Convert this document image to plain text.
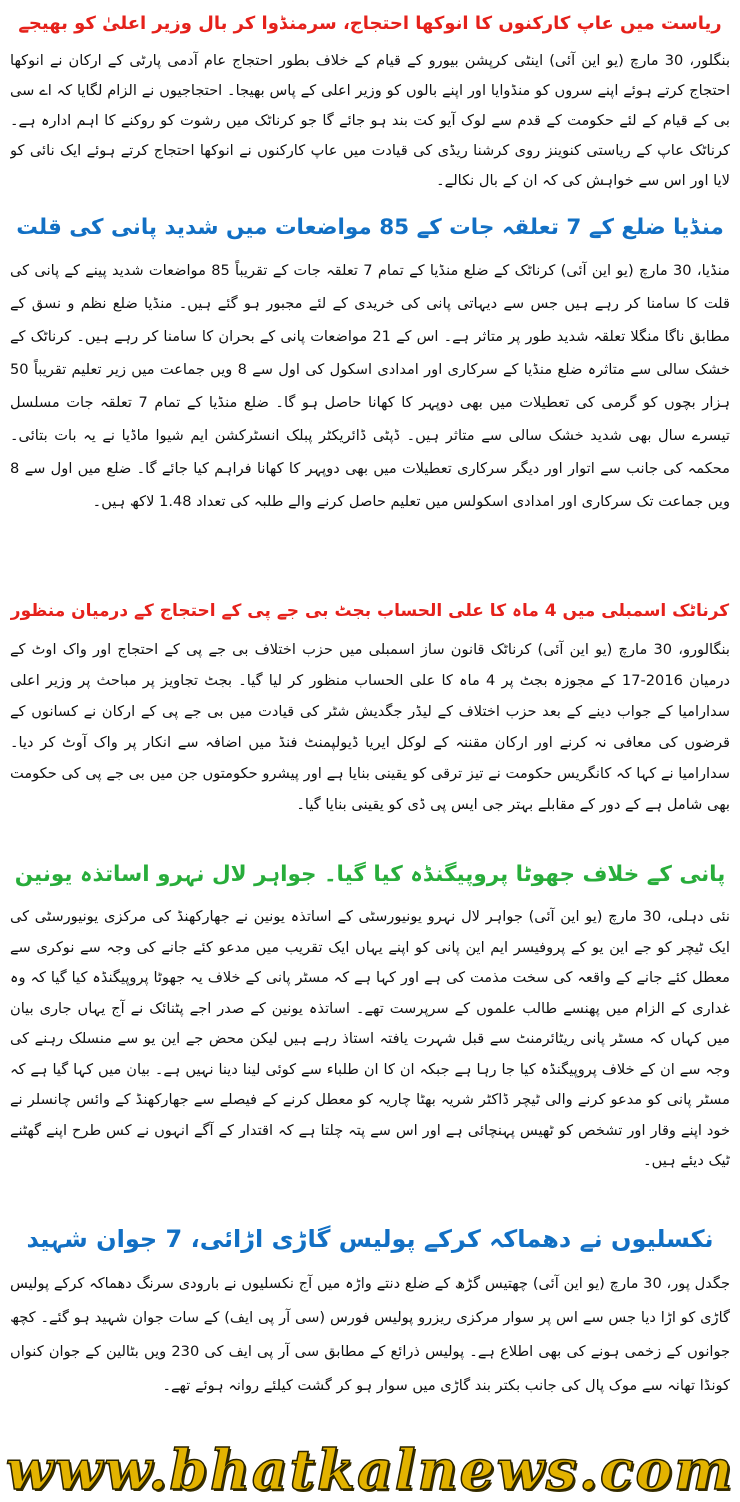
ریاست میں عاپ کارکنوں کا انوکھا احتجاج، سرمنڈوا کر بال وزیر اعلیٰ کو بھیجے

بنگلور، 30 مارچ (یو این آئی) اینٹی کرپشن بیورو کے قیام کے خلاف بطور احتجاج عام آدمی پارٹی کے ارکان نے انوکھا احتجاج کرتے ہوئے اپنے سروں کو منڈوایا اور اپنے بالوں کو وزیر اعلی کے پاس بھیجا۔ احتجاجیوں نے الزام لگایا کہ اے سی بی کے قیام کے لئے حکومت کے قدم سے لوک آیو کت بند ہو جائے گا جو کرناٹک میں رشوت کو روکنے کا اہم ادارہ ہے۔ کرناٹک عاپ کے ریاستی کنوینز روی کرشنا ریڈی کی قیادت میں عاپ کارکنوں نے انوکھا احتجاج کرتے ہوئے ایک نائی کو لایا اور اس سے خواہش کی کہ ان کے بال نکالے۔

منڈیا ضلع کے 7 تعلقہ جات کے 85 مواضعات میں شدید پانی کی قلت

منڈیا، 30 مارچ (یو این آئی) کرناٹک کے ضلع منڈیا کے تمام 7 تعلقہ جات کے تقریباً 85 مواضعات شدید پینے کے پانی کی قلت کا سامنا کر رہے ہیں جس سے دیہاتی پانی کی خریدی کے لئے مجبور ہو گئے ہیں۔ منڈیا ضلع نظم و نسق کے مطابق ناگا منگلا تعلقہ شدید طور پر متاثر ہے۔ اس کے 21 مواضعات پانی کے بحران کا سامنا کر رہے ہیں۔ کرناٹک کے خشک سالی سے متاثرہ ضلع منڈیا کے سرکاری اور امدادی اسکول کی اول سے 8 ویں جماعت میں زیر تعلیم تقریباً 50 ہزار بچوں کو گرمی کی تعطیلات میں بھی دوپہر کا کھانا حاصل ہو گا۔ ضلع منڈیا کے تمام 7 تعلقہ جات مسلسل تیسرے سال بھی شدید خشک سالی سے متاثر ہیں۔ ڈپٹی ڈائریکٹر پبلک انسٹرکشن ایم شیوا ماڈیا نے یہ بات بتائی۔ محکمہ کی جانب سے اتوار اور دیگر سرکاری تعطیلات میں بھی دوپہر کا کھانا فراہم کیا جائے گا۔ ضلع میں اول سے 8 ویں جماعت تک سرکاری اور امدادی اسکولس میں تعلیم حاصل کرنے والے طلبہ کی تعداد 1.48 لاکھ ہیں۔

کرناٹک اسمبلی میں 4 ماہ کا علی الحساب بجٹ بی جے پی کے احتجاج کے درمیان منظور

بنگالورو، 30 مارچ (یو این آئی) کرناٹک قانون ساز اسمبلی میں حزب اختلاف بی جے پی کے احتجاج اور واک اوٹ کے درمیان 2016-17 کے مجوزہ بجٹ پر 4 ماہ کا علی الحساب منظور کر لیا گیا۔ بجٹ تجاویز پر مباحث پر وزیر اعلی سدارامیا کے جواب دینے کے بعد حزب اختلاف کے لیڈر جگدیش شٹر کی قیادت میں بی جے پی کے ارکان نے کسانوں کے قرضوں کی معافی نہ کرنے اور ارکان مقننہ کے لوکل ایریا ڈیولپمنٹ فنڈ میں اضافہ سے انکار پر واک آوٹ کر دیا۔ سدارامیا نے کہا کہ کانگریس حکومت نے تیز ترقی کو یقینی بنایا ہے اور پیشرو حکومتوں جن میں بی جے پی کی حکومت بھی شامل ہے کے دور کے مقابلے بہتر جی ایس پی ڈی کو یقینی بنایا گیا۔

پانی کے خلاف جھوٹا پروپیگنڈہ کیا گیا۔ جواہر لال نہرو اساتذہ یونین

نئی دہلی، 30 مارچ (یو این آئی) جواہر لال نہرو یونیورسٹی کے اساتذہ یونین نے جھارکھنڈ کی مرکزی یونیورسٹی کی ایک ٹیچر کو جے این یو کے پروفیسر ایم این پانی کو اپنے یہاں ایک تقریب میں مدعو کئے جانے کی وجہ سے نوکری سے معطل کئے جانے کے واقعہ کی سخت مذمت کی ہے اور کہا ہے کہ مسٹر پانی کے خلاف یہ جھوٹا پروپیگنڈہ کیا گیا کہ وہ غداری کے الزام میں پھنسے طالب علموں کے سرپرست تھے۔ اساتذہ یونین کے صدر اجے پٹنائک نے آج یہاں جاری بیان میں کہاں کہ مسٹر پانی ریٹائرمنٹ سے قبل شہرت یافتہ استاذ رہے ہیں لیکن محض جے این یو سے منسلک رہنے کی وجہ سے ان کے خلاف پروپیگنڈہ کیا جا رہا ہے جبکہ ان کا ان طلباء سے کوئی لینا دینا نہیں ہے۔ بیان میں کہا گیا ہے کہ مسٹر پانی کو مدعو کرنے والی ٹیچر ڈاکٹر شریہ بھٹا چاریہ کو معطل کرنے کے فیصلے سے جھارکھنڈ کے وائس چانسلر نے خود اپنے وقار اور تشخص کو ٹھیس پہنچائی ہے اور اس سے پتہ چلتا ہے کہ اقتدار کے آگے انہوں نے کس طرح اپنے گھٹنے ٹیک دیئے ہیں۔

نکسلیوں نے دھماکہ کرکے پولیس گاڑی اڑائی، 7 جوان شہید

جگدل پور، 30 مارچ (یو این آئی) چھتیس گڑھ کے ضلع دنتے واڑہ میں آج نکسلیوں نے بارودی سرنگ دھماکہ کرکے پولیس گاڑی کو اڑا دیا جس سے اس پر سوار مرکزی ریزرو پولیس فورس (سی آر پی ایف) کے سات جوان شہید ہو گئے۔ کچھ جوانوں کے زخمی ہونے کی بھی اطلاع ہے۔ پولیس ذرائع کے مطابق سی آر پی ایف کی 230 ویں بٹالین کے جوان کنواں کونڈا تھانہ سے موک پال کی جانب بکتر بند گاڑی میں سوار ہو کر گشت کیلئے روانہ ہوئے تھے۔

www.bhatkalnews.com
